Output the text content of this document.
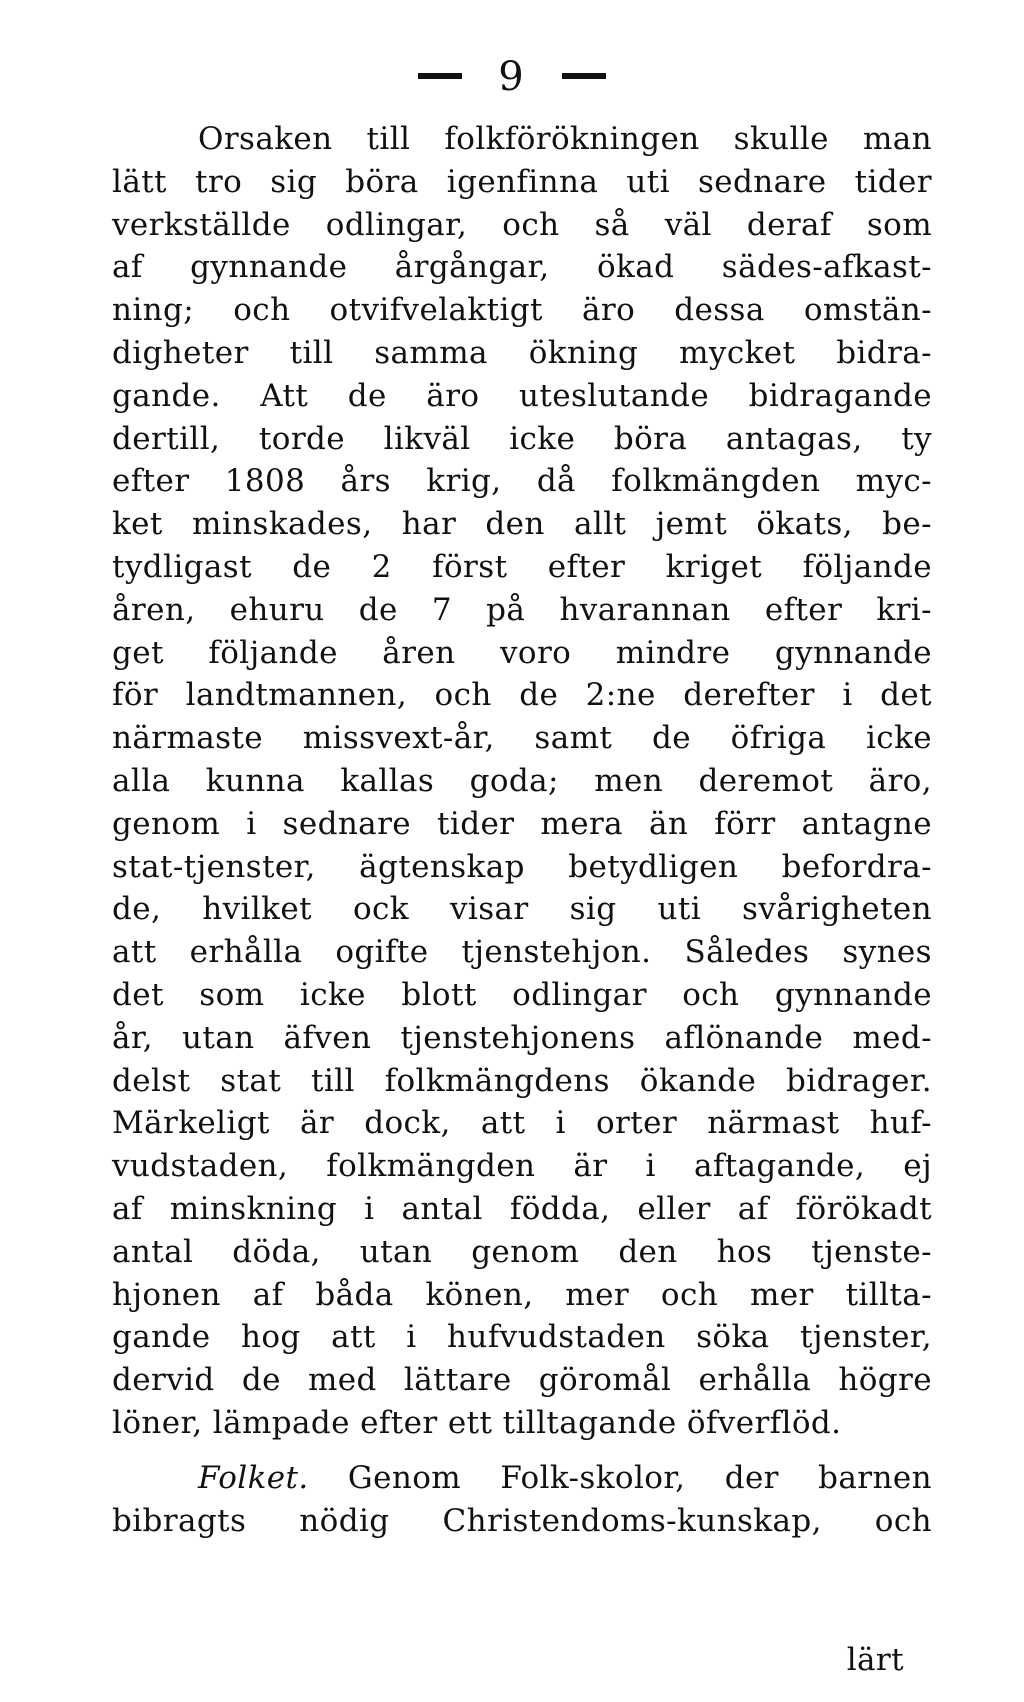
9
Orsaken till folkförökningen skulle man
lätt tro sig böra igenfinna uti sednare tider
verkställde odlingar, och så väl deraf som
af gynnande årgångar, ökad sädes-afkast-
ning; och otvifvelaktigt äro dessa omstän-
digheter till samma ökning mycket bidra-
gande. Att de äro uteslutande bidragande
dertill, torde likväl icke böra antagas, ty
efter 1808 års krig, då folkmängden myc-
ket minskades, har den allt jemt ökats, be-
tydligast de 2 först efter kriget följande
åren, ehuru de 7 på hvarannan efter kri-
get följande åren voro mindre gynnande
för landtmannen, och de 2:ne derefter i det
närmaste missvext-år, samt de öfriga icke
alla kunna kallas goda; men deremot äro,
genom i sednare tider mera än förr antagne
stat-tjenster, ägtenskap betydligen befordra-
de, hvilket ock visar sig uti svårigheten
att erhålla ogifte tjenstehjon. Således synes
det som icke blott odlingar och gynnande
år, utan äfven tjenstehjonens aflönande med-
delst stat till folkmängdens ökande bidrager.
Märkeligt är dock, att i orter närmast huf-
vudstaden, folkmängden är i aftagande, ej
af minskning i antal födda, eller af förökadt
antal döda, utan genom den hos tjenste-
hjonen af båda könen, mer och mer tillta-
gande hog att i hufvudstaden söka tjenster,
dervid de med lättare göromål erhålla högre
löner, lämpade efter ett tilltagande öfverflöd.
Folket. Genom Folk-skolor, der barnen
bibragts nödig Christendoms-kunskap, och
lärt
